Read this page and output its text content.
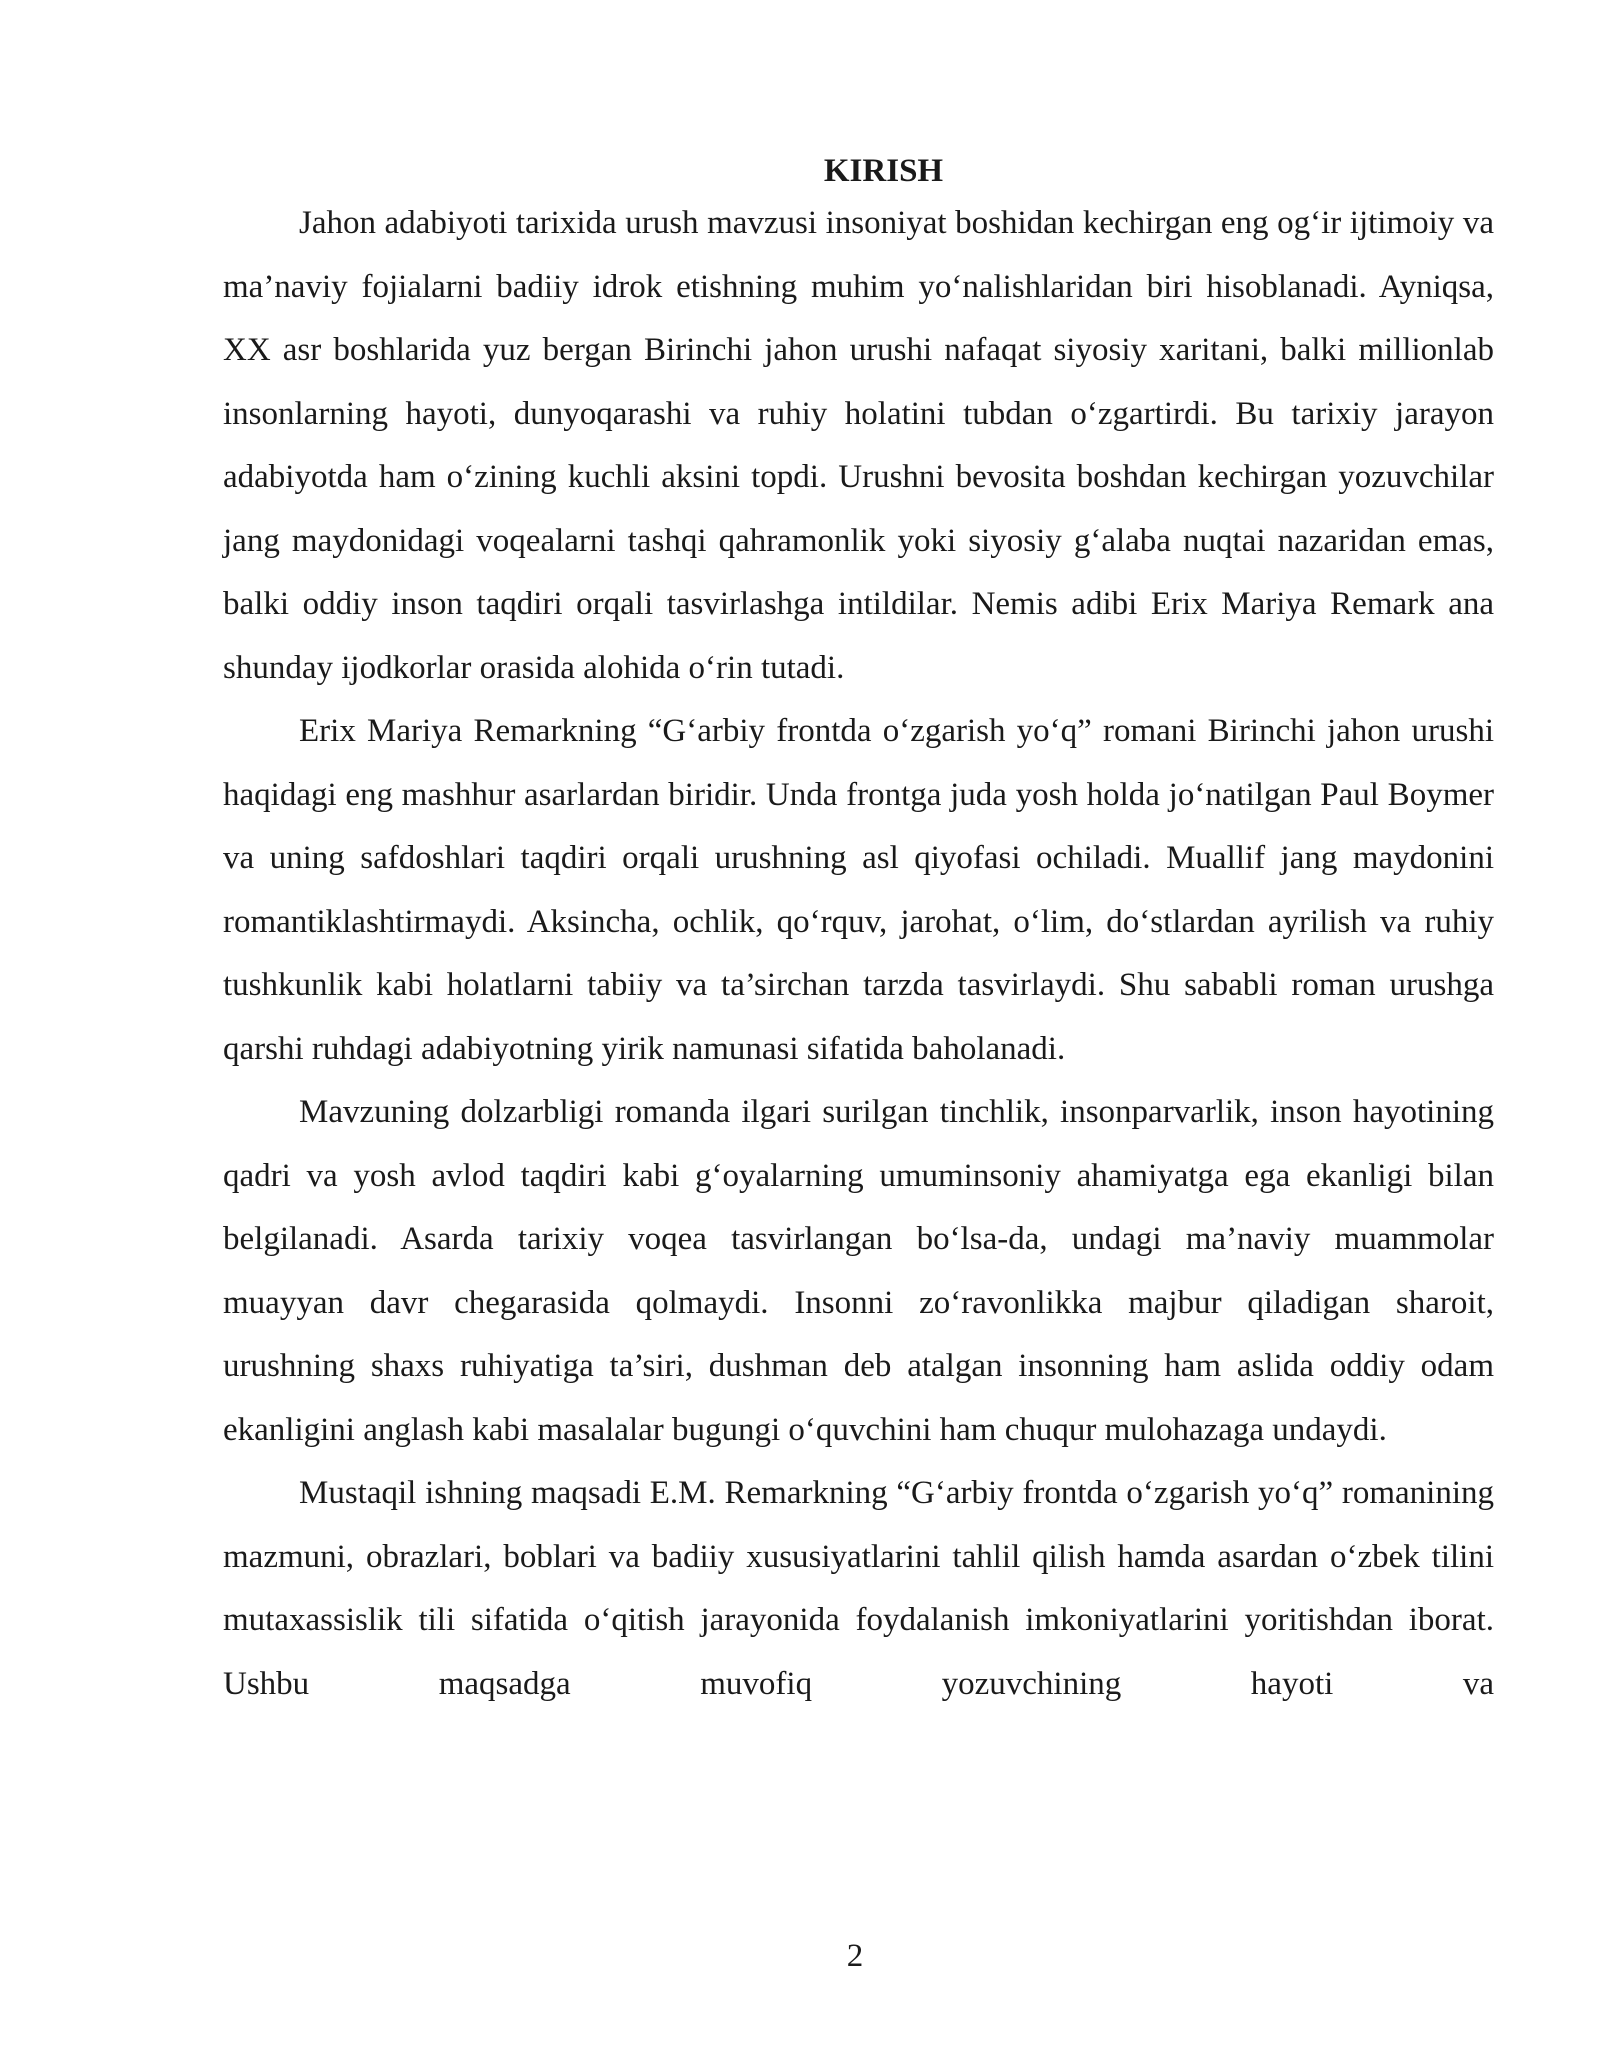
KIRISH

Jahon adabiyoti tarixida urush mavzusi insoniyat boshidan kechirgan eng og‘ir ijtimoiy va ma’naviy fojialarni badiiy idrok etishning muhim yo‘nalishlaridan biri hisoblanadi. Ayniqsa, XX asr boshlarida yuz bergan Birinchi jahon urushi nafaqat siyosiy xaritani, balki millionlab insonlarning hayoti, dunyoqarashi va ruhiy holatini tubdan o‘zgartirdi. Bu tarixiy jarayon adabiyotda ham o‘zining kuchli aksini topdi. Urushni bevosita boshdan kechirgan yozuvchilar jang maydonidagi voqealarni tashqi qahramonlik yoki siyosiy g‘alaba nuqtai nazaridan emas, balki oddiy inson taqdiri orqali tasvirlashga intildilar. Nemis adibi Erix Mariya Remark ana shunday ijodkorlar orasida alohida o‘rin tutadi.

Erix Mariya Remarkning “G‘arbiy frontda o‘zgarish yo‘q” romani Birinchi jahon urushi haqidagi eng mashhur asarlardan biridir. Unda frontga juda yosh holda jo‘natilgan Paul Boymer va uning safdoshlari taqdiri orqali urushning asl qiyofasi ochiladi. Muallif jang maydonini romantiklashtirmaydi. Aksincha, ochlik, qo‘rquv, jarohat, o‘lim, do‘stlardan ayrilish va ruhiy tushkunlik kabi holatlarni tabiiy va ta’sirchan tarzda tasvirlaydi. Shu sababli roman urushga qarshi ruhdagi adabiyotning yirik namunasi sifatida baholanadi.

Mavzuning dolzarbligi romanda ilgari surilgan tinchlik, insonparvarlik, inson hayotining qadri va yosh avlod taqdiri kabi g‘oyalarning umuminsoniy ahamiyatga ega ekanligi bilan belgilanadi. Asarda tarixiy voqea tasvirlangan bo‘lsa-da, undagi ma’naviy muammolar muayyan davr chegarasida qolmaydi. Insonni zo‘ravonlikka majbur qiladigan sharoit, urushning shaxs ruhiyatiga ta’siri, dushman deb atalgan insonning ham aslida oddiy odam ekanligini anglash kabi masalalar bugungi o‘quvchini ham chuqur mulohazaga undaydi.

Mustaqil ishning maqsadi E.M. Remarkning “G‘arbiy frontda o‘zgarish yo‘q” romanining mazmuni, obrazlari, boblari va badiiy xususiyatlarini tahlil qilish hamda asardan o‘zbek tilini mutaxassislik tili sifatida o‘qitish jarayonida foydalanish imkoniyatlarini yoritishdan iborat. Ushbu maqsadga muvofiq yozuvchining hayoti va

2
